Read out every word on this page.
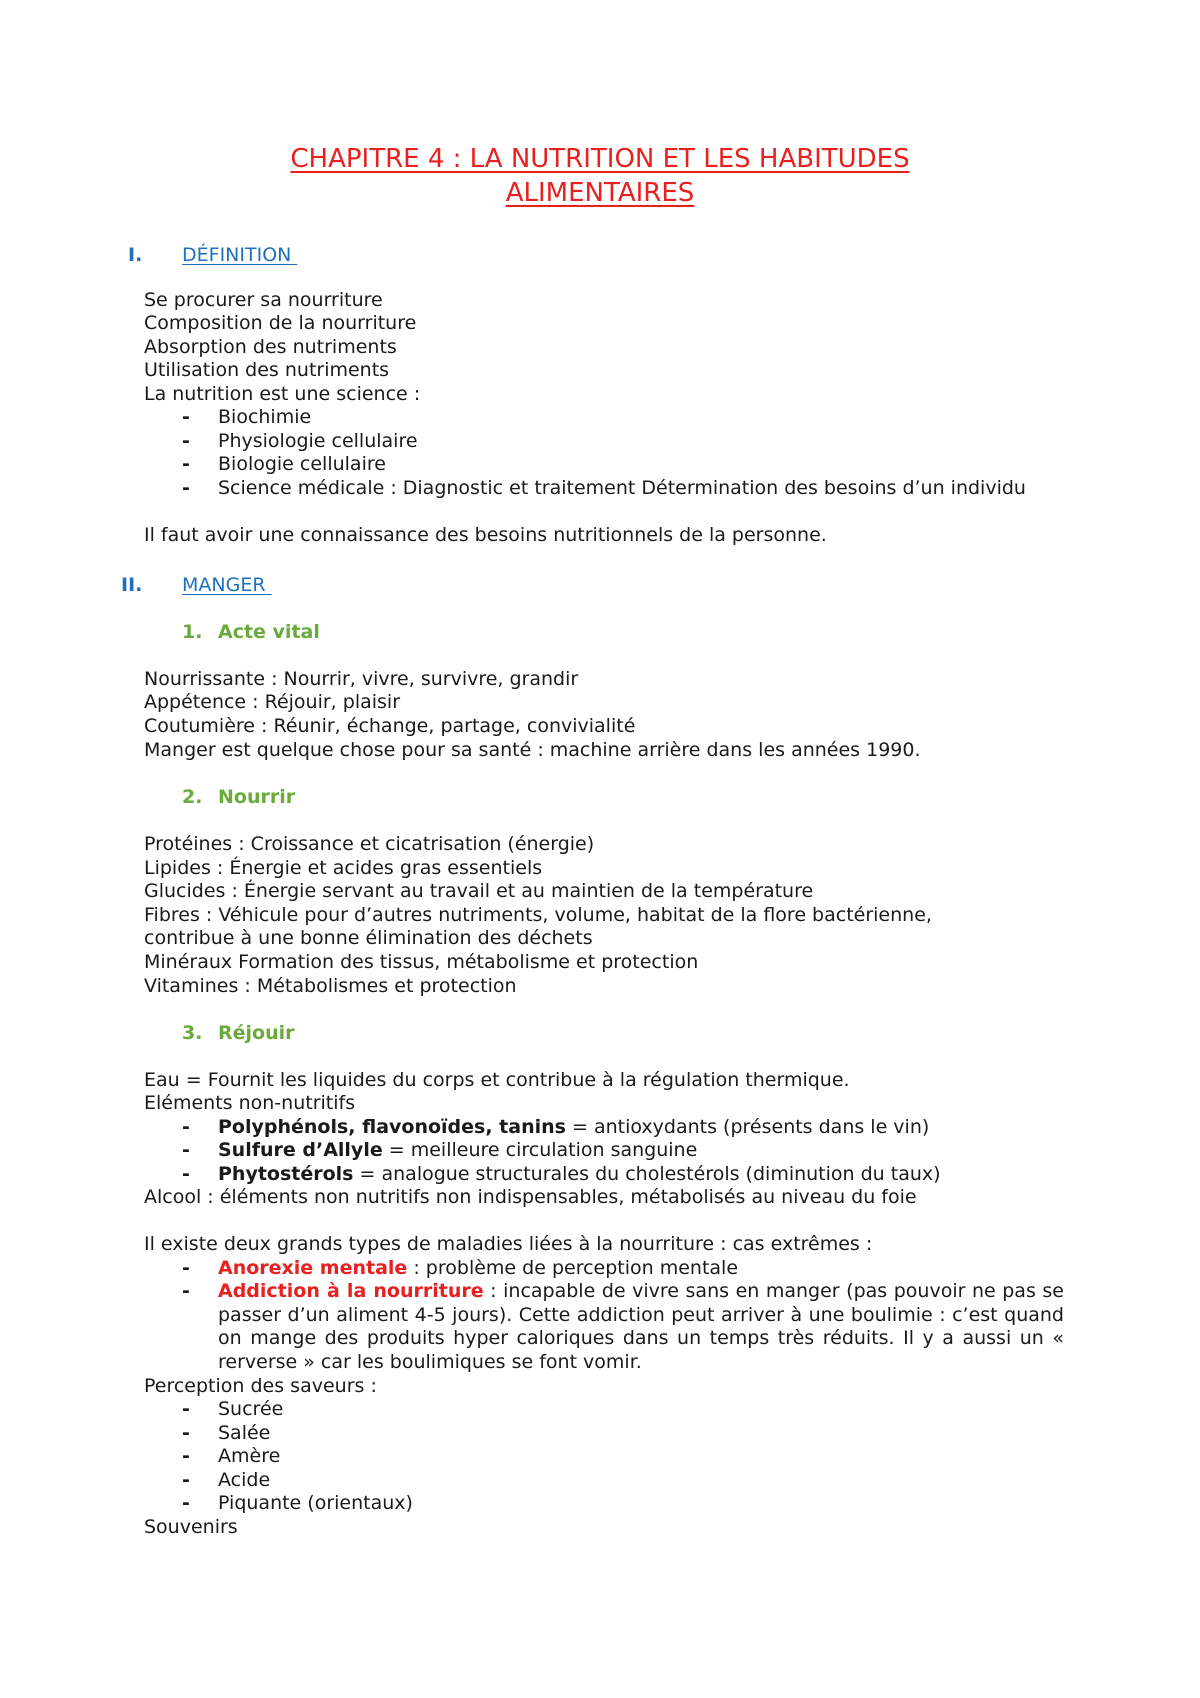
CHAPITRE 4 : LA NUTRITION ET LES HABITUDES
ALIMENTAIRES
I. DÉFINITION
Se procurer sa nourriture
Composition de la nourriture
Absorption des nutriments
Utilisation des nutriments
La nutrition est une science :
- Biochimie
- Physiologie cellulaire
- Biologie cellulaire
- Science médicale : Diagnostic et traitement Détermination des besoins d’un individu
Il faut avoir une connaissance des besoins nutritionnels de la personne.
II. MANGER
1. Acte vital
Nourrissante : Nourrir, vivre, survivre, grandir
Appétence : Réjouir, plaisir
Coutumière : Réunir, échange, partage, convivialité
Manger est quelque chose pour sa santé : machine arrière dans les années 1990.
2. Nourrir
Protéines : Croissance et cicatrisation (énergie)
Lipides : Énergie et acides gras essentiels
Glucides : Énergie servant au travail et au maintien de la température
Fibres : Véhicule pour d’autres nutriments, volume, habitat de la flore bactérienne,
contribue à une bonne élimination des déchets
Minéraux Formation des tissus, métabolisme et protection
Vitamines : Métabolismes et protection
3. Réjouir
Eau = Fournit les liquides du corps et contribue à la régulation thermique.
Eléments non-nutritifs
- Polyphénols, flavonoïdes, tanins = antioxydants (présents dans le vin)
- Sulfure d’Allyle = meilleure circulation sanguine
- Phytostérols = analogue structurales du cholestérols (diminution du taux)
Alcool : éléments non nutritifs non indispensables, métabolisés au niveau du foie
Il existe deux grands types de maladies liées à la nourriture : cas extrêmes :
- Anorexie mentale : problème de perception mentale
- Addiction à la nourriture : incapable de vivre sans en manger (pas pouvoir ne pas se passer d’un aliment 4-5 jours). Cette addiction peut arriver à une boulimie : c’est quand on mange des produits hyper caloriques dans un temps très réduits. Il y a aussi un « rerverse » car les boulimiques se font vomir.
Perception des saveurs :
- Sucrée
- Salée
- Amère
- Acide
- Piquante (orientaux)
Souvenirs
